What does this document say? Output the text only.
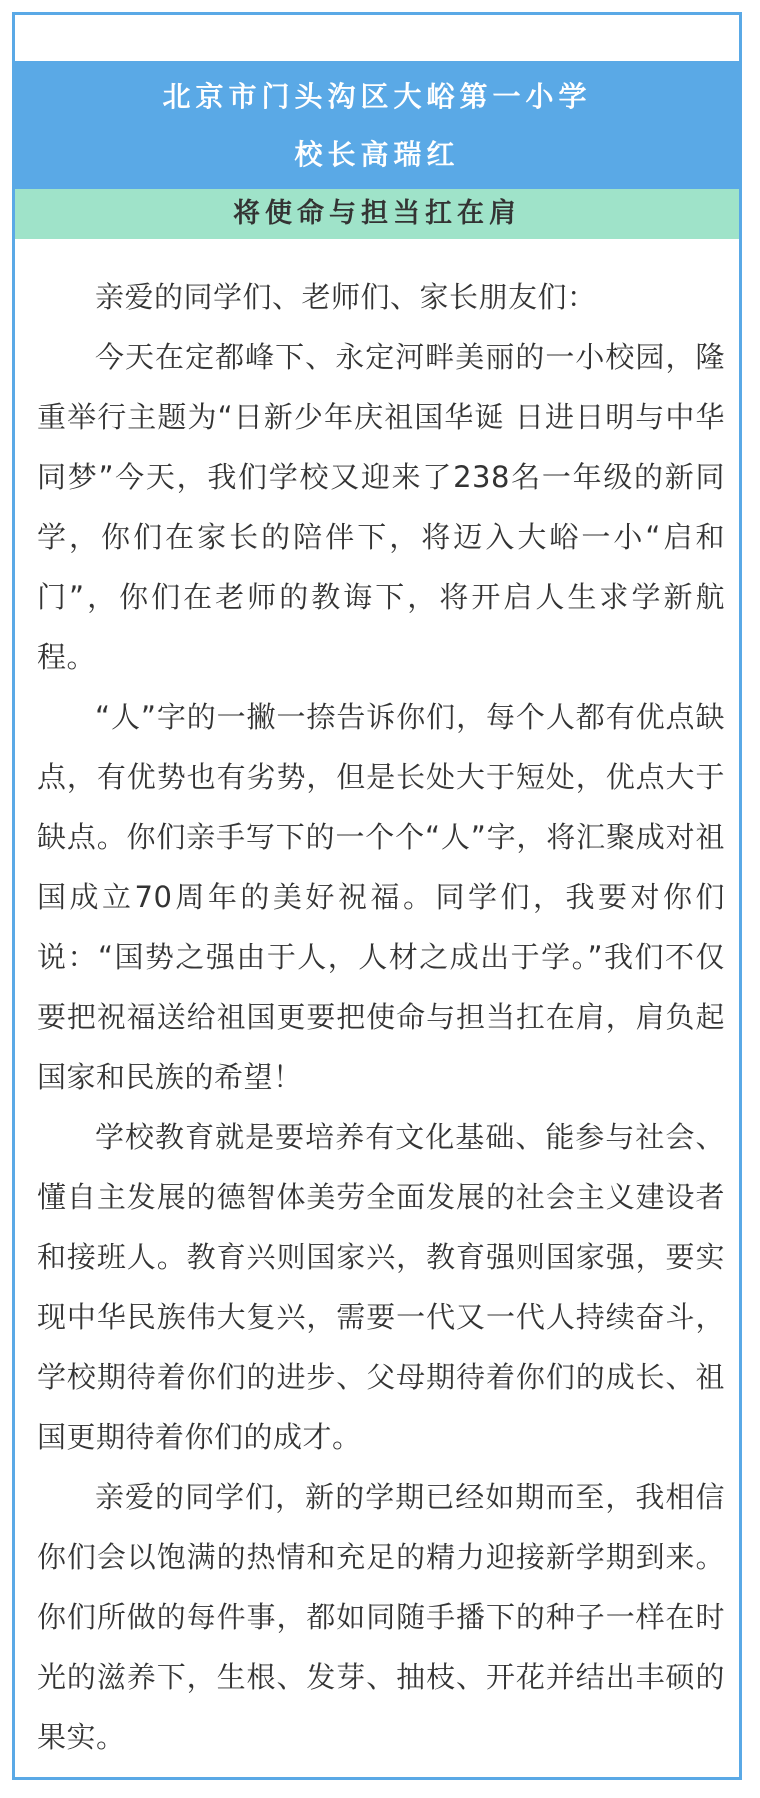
北京市门头沟区大峪第一小学
校长高瑞红
将使命与担当扛在肩

亲爱的同学们、老师们、家长朋友们：

今天在定都峰下、永定河畔美丽的一小校园，隆重举行主题为“日新少年庆祖国华诞 日进日明与中华同梦”今天，我们学校又迎来了238名一年级的新同学，你们在家长的陪伴下，将迈入大峪一小“启和门”，你们在老师的教诲下，将开启人生求学新航程。

“人”字的一撇一捺告诉你们，每个人都有优点缺点，有优势也有劣势，但是长处大于短处，优点大于缺点。你们亲手写下的一个个“人”字，将汇聚成对祖国成立70周年的美好祝福。同学们，我要对你们说：“国势之强由于人，人材之成出于学。”我们不仅要把祝福送给祖国更要把使命与担当扛在肩，肩负起国家和民族的希望！

学校教育就是要培养有文化基础、能参与社会、懂自主发展的德智体美劳全面发展的社会主义建设者和接班人。教育兴则国家兴，教育强则国家强，要实现中华民族伟大复兴，需要一代又一代人持续奋斗，学校期待着你们的进步、父母期待着你们的成长、祖国更期待着你们的成才。

亲爱的同学们，新的学期已经如期而至，我相信你们会以饱满的热情和充足的精力迎接新学期到来。你们所做的每件事，都如同随手播下的种子一样在时光的滋养下，生根、发芽、抽枝、开花并结出丰硕的果实。
